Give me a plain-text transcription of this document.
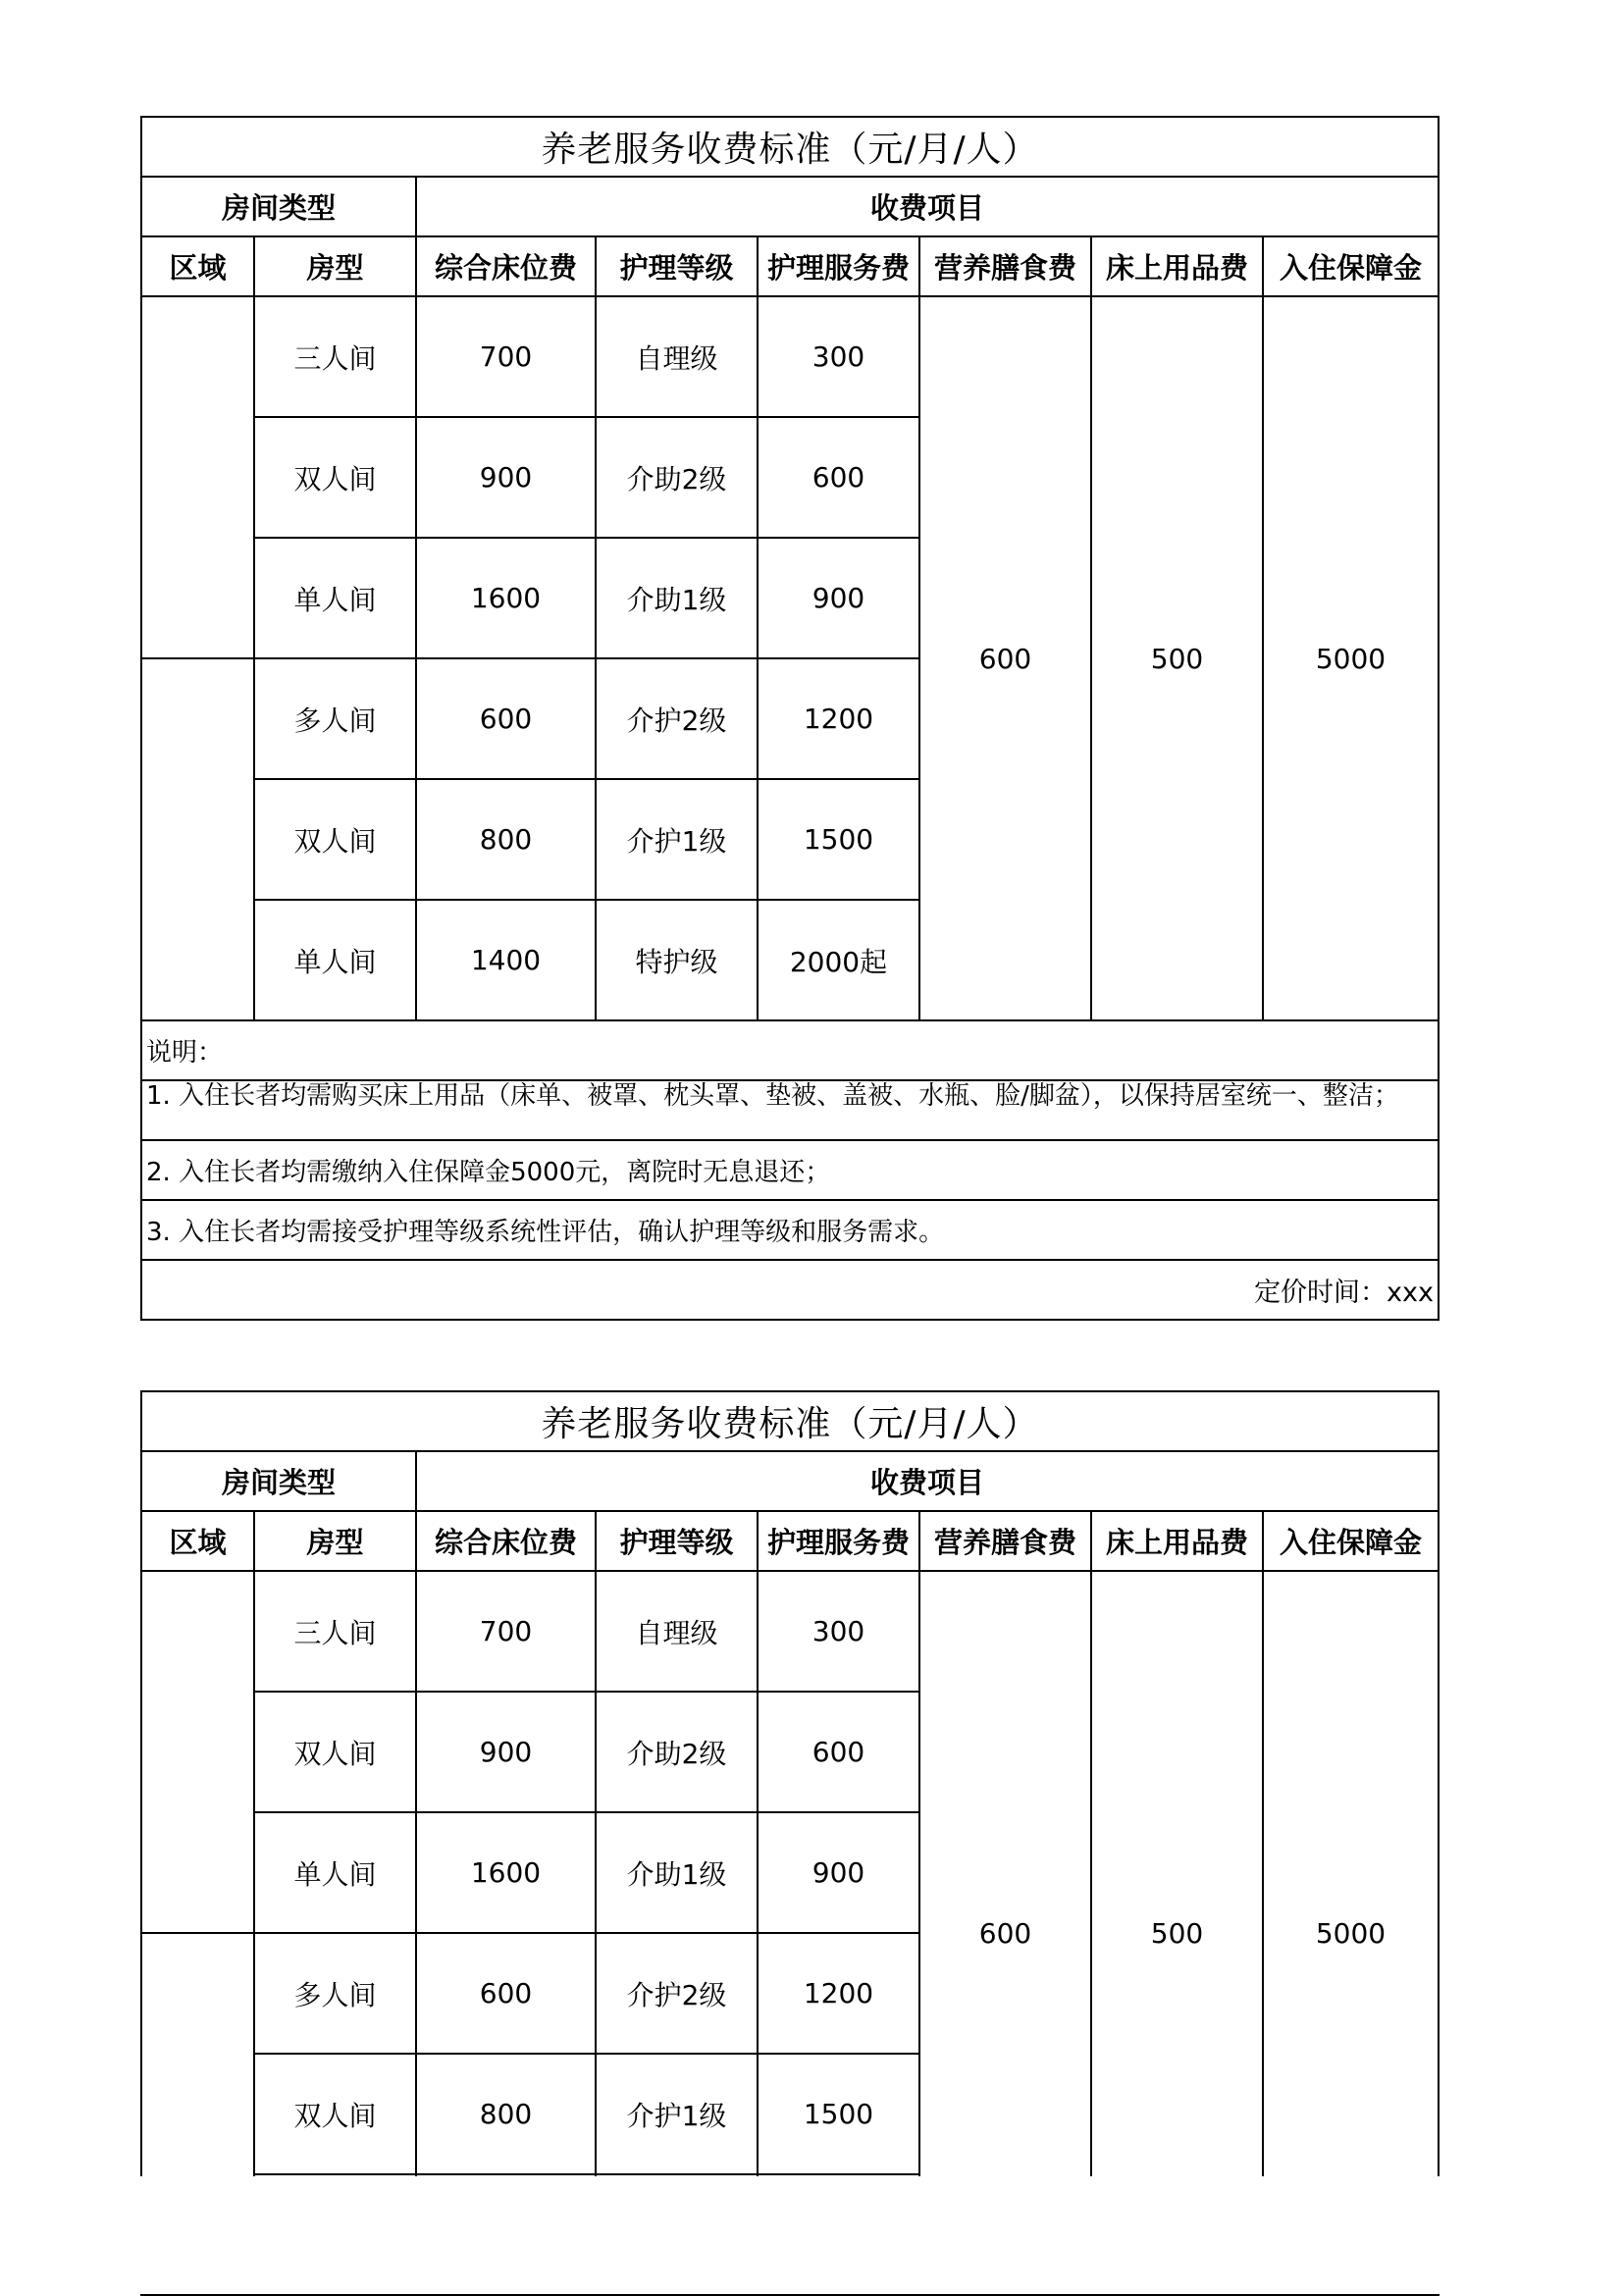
养老服务收费标准（元/月/人）							
房间类型		收费项目					
区域	房型	综合床位费	护理等级	护理服务费	营养膳食费	床上用品费	入住保障金
	三人间	700	自理级	300	600	500	5000
	双人间	900	介助2级	600			
	单人间	1600	介助1级	900			
	多人间	600	介护2级	1200			
	双人间	800	介护1级	1500			
	单人间	1400	特护级	2000起			
说明：							
1. 入住长者均需购买床上用品（床单、被罩、枕头罩、垫被、盖被、水瓶、脸/脚盆），以保持居室统一、整洁；							
2. 入住长者均需缴纳入住保障金5000元，离院时无息退还；							
3. 入住长者均需接受护理等级系统性评估，确认护理等级和服务需求。							
定价时间：xxx							
养老服务收费标准（元/月/人）							
房间类型		收费项目					
区域	房型	综合床位费	护理等级	护理服务费	营养膳食费	床上用品费	入住保障金
	三人间	700	自理级	300	600	500	5000
	双人间	900	介助2级	600			
	单人间	1600	介助1级	900			
	多人间	600	介护2级	1200			
	双人间	800	介护1级	1500			
